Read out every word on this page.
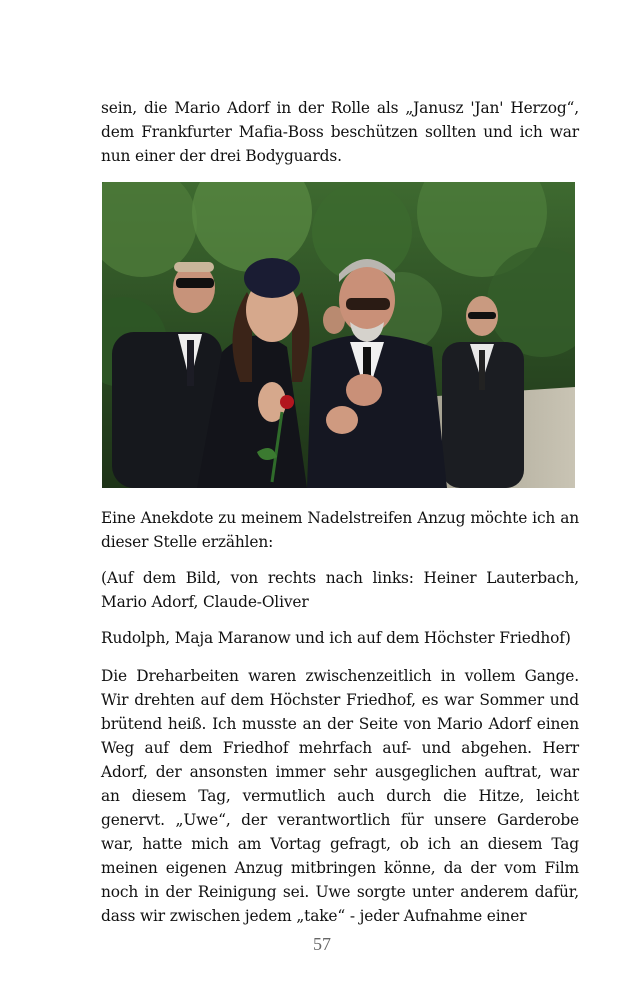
sein, die Mario Adorf in der Rolle als „Janusz 'Jan' Herzog“, dem Frankfurter Mafia-Boss beschützen sollten und ich war nun einer der drei Bodyguards.

Eine Anekdote zu meinem Nadelstreifen Anzug möchte ich an dieser Stelle erzählen:

(Auf dem Bild, von rechts nach links: Heiner Lauterbach, Mario Adorf, Claude-Oliver

Rudolph, Maja Maranow und ich auf dem Höchster Friedhof)

Die Dreharbeiten waren zwischenzeitlich in vollem Gange. Wir drehten auf dem Höchster Friedhof, es war Sommer und brütend heiß. Ich musste an der Seite von Mario Adorf einen Weg auf dem Friedhof mehrfach auf- und abgehen. Herr Adorf, der ansonsten immer sehr ausgeglichen auftrat, war an diesem Tag, vermutlich auch durch die Hitze, leicht genervt. „Uwe“, der verantwortlich für unsere Garderobe war, hatte mich am Vortag gefragt, ob ich an diesem Tag meinen eigenen Anzug mitbringen könne, da der vom Film noch in der Reinigung sei. Uwe sorgte unter anderem dafür, dass wir zwischen jedem „take“ - jeder Aufnahme einer

57
